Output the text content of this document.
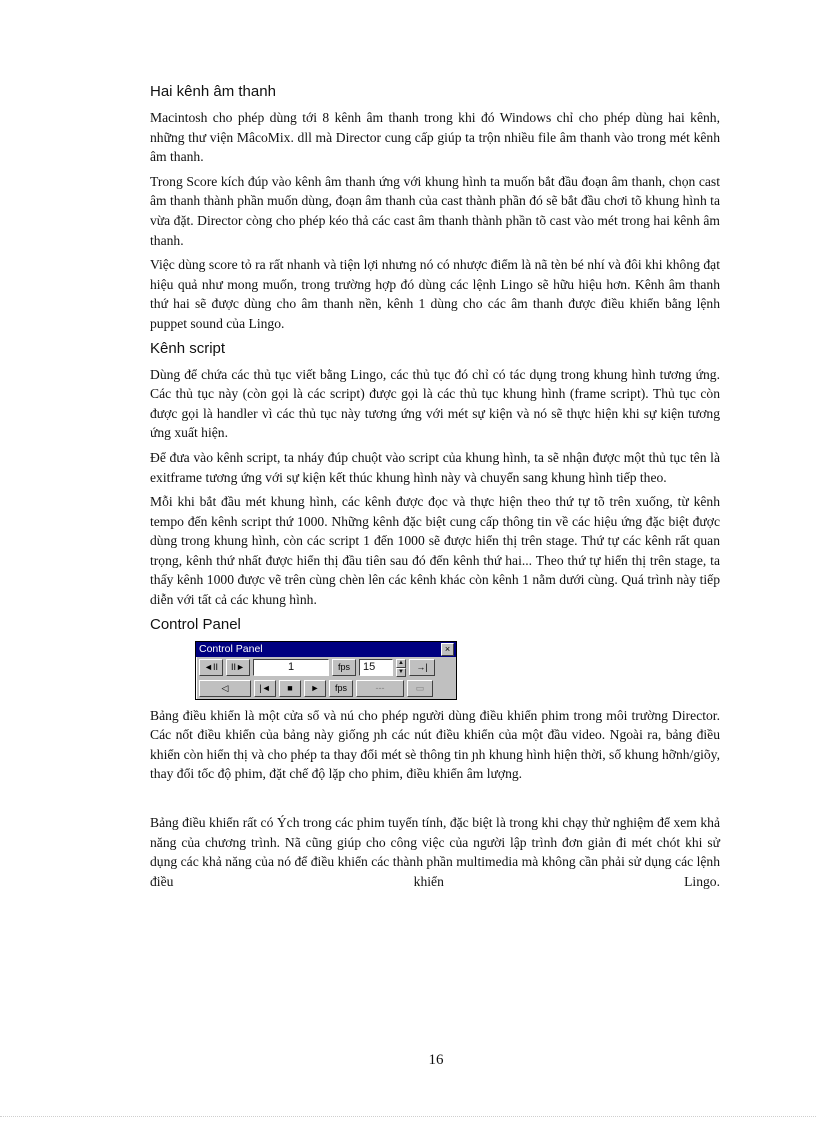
Hai kênh âm thanh

Macintosh cho phép dùng tới 8 kênh âm thanh trong khi đó Windows chỉ cho phép dùng hai kênh, những thư viện MâcoMix. dll mà Director cung cấp giúp ta trộn nhiều file âm thanh vào trong mét kênh âm thanh.

Trong Score kích đúp vào kênh âm thanh ứng với khung hình ta muốn bắt đầu đoạn âm thanh, chọn cast âm thanh thành phần muốn dùng, đoạn âm thanh của cast thành phần đó sẽ bắt đầu chơi tõ khung hình ta vừa đặt. Director còng cho phép kéo thả các cast âm thanh thành phần tõ cast vào mét trong hai kênh âm thanh.

Việc dùng score tỏ ra rất nhanh và tiện lợi nhưng nó có nhược điểm là nã tèn bé nhí và đôi khi không đạt hiệu quả như mong muốn, trong trường hợp đó dùng các lệnh Lingo sẽ hữu hiệu hơn. Kênh âm thanh thứ hai sẽ được dùng cho âm thanh nền, kênh 1 dùng cho các âm thanh được điều khiển bằng lệnh puppet sound của Lingo.

Kênh script

Dùng để chứa các thủ tục viết bằng Lingo, các thủ tục đó chỉ có tác dụng trong khung hình tương ứng. Các thủ tục này (còn gọi là các script) được gọi là các thủ tục khung hình (frame script). Thủ tục còn được gọi là handler vì các thủ tục này tương ứng với mét sự kiện và nó sẽ thực hiện khi sự kiện tương ứng xuất hiện.

Để đưa vào kênh script, ta nháy đúp chuột vào script của khung hình, ta sẽ nhận được một thủ tục tên là exitframe tương ứng với sự kiện kết thúc khung hình này và chuyển sang khung hình tiếp theo.

Mỗi khi bắt đầu mét khung hình, các kênh được đọc và thực hiện theo thứ tự tõ trên xuống, từ kênh tempo đến kênh script thứ 1000. Những kênh đặc biệt cung cấp thông tin về các hiệu ứng đặc biệt được dùng trong khung hình, còn các script 1 đến 1000 sẽ được hiển thị trên stage. Thứ tự các kênh rất quan trọng, kênh thứ nhất được hiển thị đầu tiên sau đó đến kênh thứ hai... Theo thứ tự hiển thị trên stage, ta thấy kênh 1000 được vẽ trên cùng chèn lên các kênh khác còn kênh 1 nằm dưới cùng. Quá trình này tiếp diễn với tất cả các khung hình.

Control Panel
Control Panel	×
◄II	II►	1	fps	15	▲
▼	→|
◁	|◄	■	►	fps	---	▭

Bảng điều khiển là một cửa sổ và nú cho phép người dùng điều khiển phim trong môi trường Director. Các nốt điều khiển của bảng này giống ɲh các nút điều khiển của một đầu video. Ngoài ra, bảng điều khiển còn hiển thị và cho phép ta thay đổi mét sè thông tin ɲh khung hình hiện thời, số khung hỡnh/giõy, thay đổi tốc độ phim, đặt chế độ lặp cho phim, điều khiển âm lượng.

Bảng điều khiển rất có Ých trong các phim tuyến tính, đặc biệt là trong khi chạy thử nghiệm để xem khả năng của chương trình. Nã cũng giúp cho công việc của người lập trình đơn giản đi mét chót khi sử dụng các khả năng của nó để điều khiển các thành phần multimedia mà không cần phải sử dụng các lệnh điều khiển Lingo.

16
